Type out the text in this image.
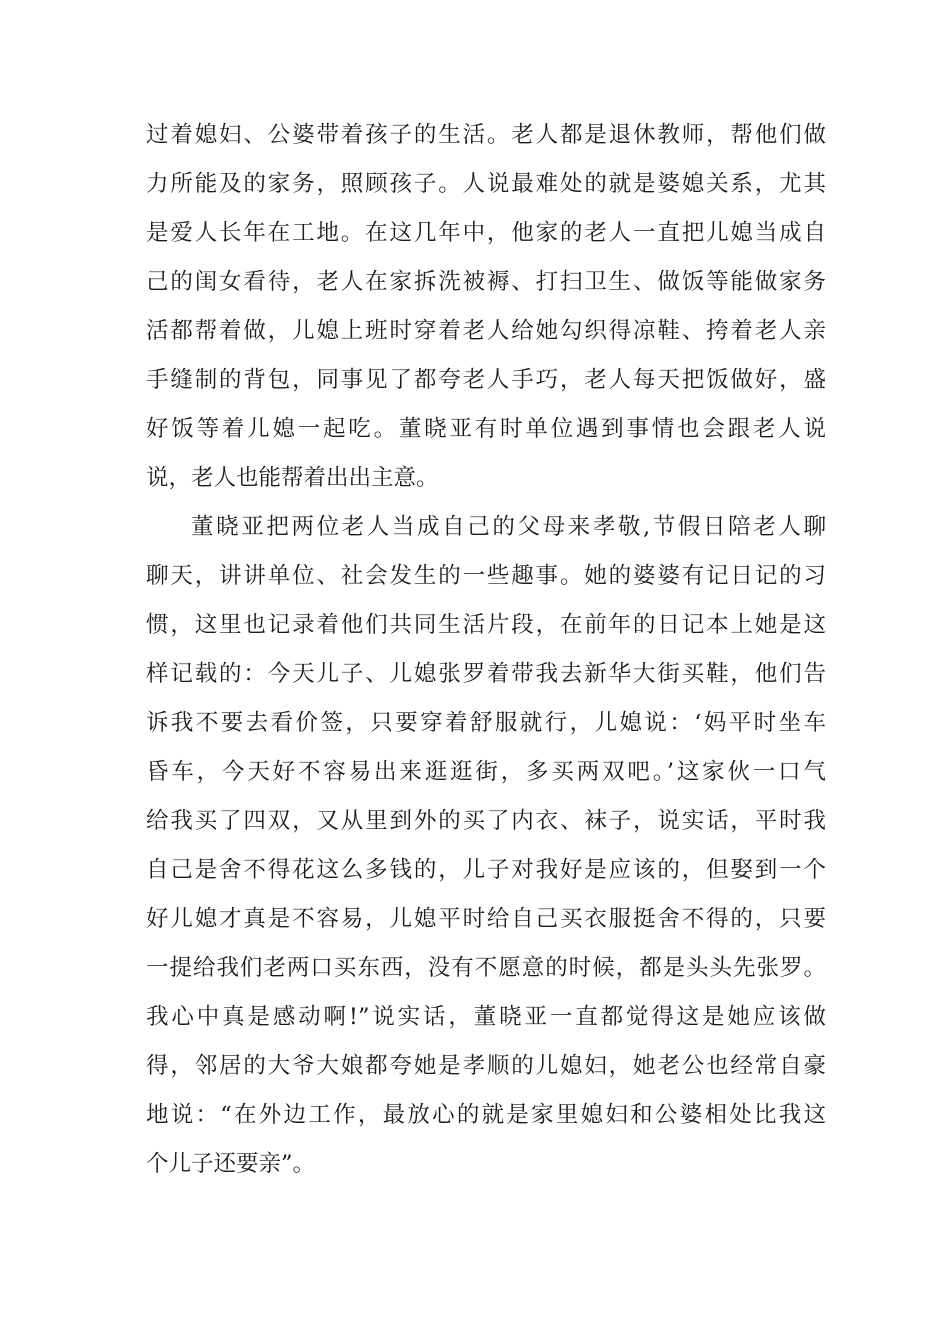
过着媳妇、公婆带着孩子的生活。老人都是退休教师，帮他们做
力所能及的家务，照顾孩子。人说最难处的就是婆媳关系，尤其
是爱人长年在工地。在这几年中，他家的老人一直把儿媳当成自
己的闺女看待，老人在家拆洗被褥、打扫卫生、做饭等能做家务
活都帮着做，儿媳上班时穿着老人给她勾织得凉鞋、挎着老人亲
手缝制的背包，同事见了都夸老人手巧，老人每天把饭做好，盛
好饭等着儿媳一起吃。董晓亚有时单位遇到事情也会跟老人说
说，老人也能帮着出出主意。
董晓亚把两位老人当成自己的父母来孝敬,节假日陪老人聊
聊天，讲讲单位、社会发生的一些趣事。她的婆婆有记日记的习
惯，这里也记录着他们共同生活片段，在前年的日记本上她是这
样记载的：今天儿子、儿媳张罗着带我去新华大街买鞋，他们告
诉我不要去看价签，只要穿着舒服就行，儿媳说：‘妈平时坐车
昏车，今天好不容易出来逛逛街，多买两双吧。’这家伙一口气
给我买了四双，又从里到外的买了内衣、袜子，说实话，平时我
自己是舍不得花这么多钱的，儿子对我好是应该的，但娶到一个
好儿媳才真是不容易，儿媳平时给自己买衣服挺舍不得的，只要
一提给我们老两口买东西，没有不愿意的时候，都是头头先张罗。
我心中真是感动啊!”说实话，董晓亚一直都觉得这是她应该做
得，邻居的大爷大娘都夸她是孝顺的儿媳妇，她老公也经常自豪
地说：“在外边工作，最放心的就是家里媳妇和公婆相处比我这
个儿子还要亲”。
